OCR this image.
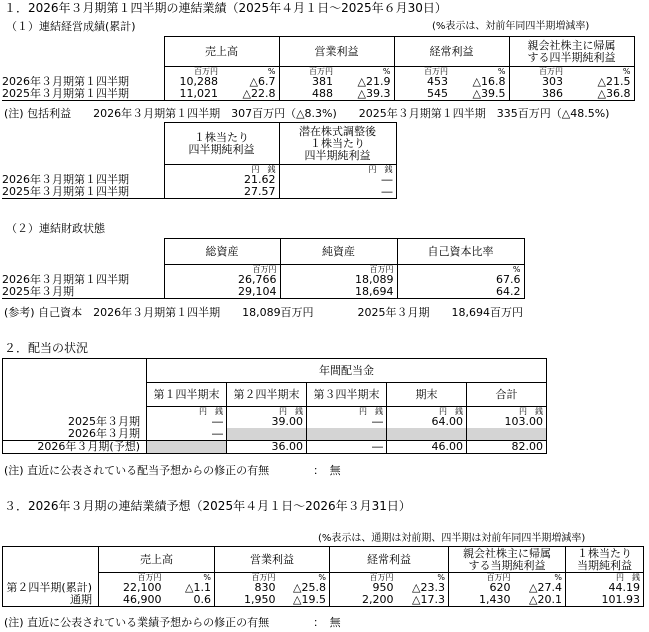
１．2026年３月期第１四半期の連結業績（2025年４月１日～2025年６月30日）
（１）連結経営成績(累計)	(%表示は、対前年同四半期増減率)
	売上高		営業利益		経常利益		親会社株主に帰属
する四半期純利益	
	百万円	%	百万円	%	百万円	%	百万円	%
2026年３月期第１四半期	10,288	△6.7	381	△21.9	453	△16.8	303	△21.5
2025年３月期第１四半期	11,021	△22.8	488	△39.3	545	△39.5	386	△36.8
(注) 包括利益　　2026年３月期第１四半期　307百万円（△8.3%)　　2025年３月期第１四半期　335百万円（△48.5%)
	１株当たり
四半期純利益	潜在株式調整後
１株当たり
四半期純利益
	円　 銭	円　 銭
2026年３月期第１四半期	21.62	―
2025年３月期第１四半期	27.57	―
（２）連結財政状態
	総資産	純資産	自己資本比率
	百万円	百万円	%
2026年３月期第１四半期	26,766	18,089	67.6
2025年３月期	29,104	18,694	64.2
(参考) 自己資本　2026年３月期第１四半期　　18,089百万円　　　　2025年３月期　　18,694百万円
２．配当の状況
	年間配当金				
	第１四半期末	第２四半期末	第３四半期末	期末	合計
	円　 銭	円　 銭	円　 銭	円　 銭	円　 銭
2025年３月期	―	39.00	―	64.00	103.00
2026年３月期	―				
2026年３月期(予想)		36.00	―	46.00	82.00
(注) 直近に公表されている配当予想からの修正の有無　　　　：　無
３．2026年３月期の連結業績予想（2025年４月１日～2026年３月31日）
(%表示は、通期は対前期、四半期は対前年同四半期増減率)
	売上高		営業利益		経常利益		親会社株主に帰属
する当期純利益		１株当たり
当期純利益
	百万円	%	百万円	%	百万円	%	百万円	%	円　 銭
第２四半期(累計)	22,100	△1.1	830	△25.8	950	△23.3	620	△27.4	44.19
通期	46,900	0.6	1,950	△19.5	2,200	△17.3	1,430	△20.1	101.93
(注) 直近に公表されている業績予想からの修正の有無　　　　：　無
